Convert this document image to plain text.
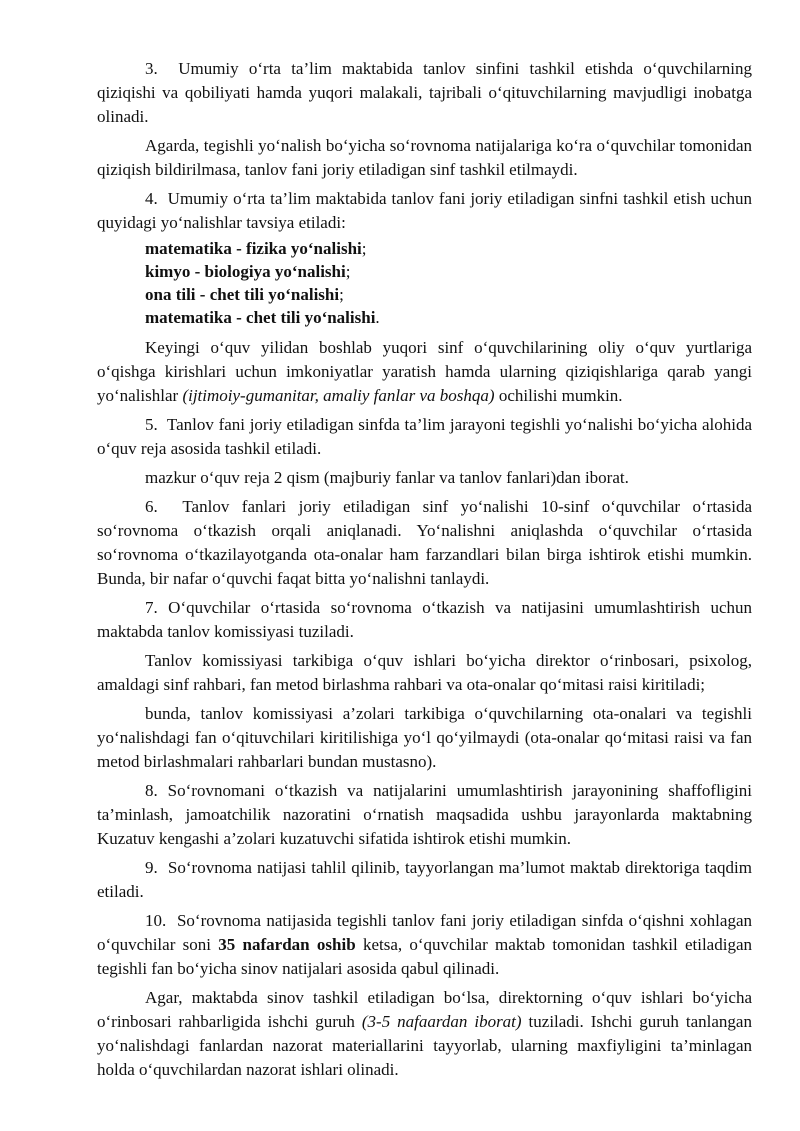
3.  Umumiy o‘rta ta’lim maktabida tanlov sinfini tashkil etishda o‘quvchilarning qiziqishi va qobiliyati hamda yuqori malakali, tajribali o‘qituvchilarning mavjudligi inobatga olinadi.

Agarda, tegishli yo‘nalish bo‘yicha so‘rovnoma natijalariga ko‘ra o‘quvchilar tomonidan qiziqish bildirilmasa, tanlov fani joriy etiladigan sinf tashkil etilmaydi.

4.  Umumiy o‘rta ta’lim maktabida tanlov fani joriy etiladigan sinfni tashkil etish uchun quyidagi yo‘nalishlar tavsiya etiladi:

matematika - fizika yo‘nalishi;
kimyo - biologiya yo‘nalishi;
ona tili - chet tili yo‘nalishi;
matematika - chet tili yo‘nalishi.

Keyingi o‘quv yilidan boshlab yuqori sinf o‘quvchilarining oliy o‘quv yurtlariga o‘qishga kirishlari uchun imkoniyatlar yaratish hamda ularning qiziqishlariga qarab yangi yo‘nalishlar (ijtimoiy-gumanitar, amaliy fanlar va boshqa) ochilishi mumkin.

5.  Tanlov fani joriy etiladigan sinfda ta’lim jarayoni tegishli yo‘nalishi bo‘yicha alohida o‘quv reja asosida tashkil etiladi.

mazkur o‘quv reja 2 qism (majburiy fanlar va tanlov fanlari)dan iborat.

6.  Tanlov fanlari joriy etiladigan sinf yo‘nalishi 10-sinf o‘quvchilar o‘rtasida so‘rovnoma o‘tkazish orqali aniqlanadi. Yo‘nalishni aniqlashda o‘quvchilar o‘rtasida so‘rovnoma o‘tkazilayotganda ota-onalar ham farzandlari bilan birga ishtirok etishi mumkin. Bunda, bir nafar o‘quvchi faqat bitta yo‘nalishni tanlaydi.

7. O‘quvchilar o‘rtasida so‘rovnoma o‘tkazish va natijasini umumlashtirish uchun maktabda tanlov komissiyasi tuziladi.

Tanlov komissiyasi tarkibiga o‘quv ishlari bo‘yicha direktor o‘rinbosari, psixolog, amaldagi sinf rahbari, fan metod birlashma rahbari va ota-onalar qo‘mitasi raisi kiritiladi;

bunda, tanlov komissiyasi a’zolari tarkibiga o‘quvchilarning ota-onalari va tegishli yo‘nalishdagi fan o‘qituvchilari kiritilishiga yo‘l qo‘yilmaydi (ota-onalar qo‘mitasi raisi va fan metod birlashmalari rahbarlari bundan mustasno).

8. So‘rovnomani o‘tkazish va natijalarini umumlashtirish jarayonining shaffofligini ta’minlash, jamoatchilik nazoratini o‘rnatish maqsadida ushbu jarayonlarda maktabning Kuzatuv kengashi a’zolari kuzatuvchi sifatida ishtirok etishi mumkin.

9.  So‘rovnoma natijasi tahlil qilinib, tayyorlangan ma’lumot maktab direktoriga taqdim etiladi.

10.  So‘rovnoma natijasida tegishli tanlov fani joriy etiladigan sinfda o‘qishni xohlagan o‘quvchilar soni 35 nafardan oshib ketsa, o‘quvchilar maktab tomonidan tashkil etiladigan tegishli fan bo‘yicha sinov natijalari asosida qabul qilinadi.

Agar, maktabda sinov tashkil etiladigan bo‘lsa, direktorning o‘quv ishlari bo‘yicha o‘rinbosari rahbarligida ishchi guruh (3-5 nafaardan iborat) tuziladi. Ishchi guruh tanlangan yo‘nalishdagi fanlardan nazorat materiallarini tayyorlab, ularning maxfiyligini ta’minlagan holda o‘quvchilardan nazorat ishlari olinadi.
